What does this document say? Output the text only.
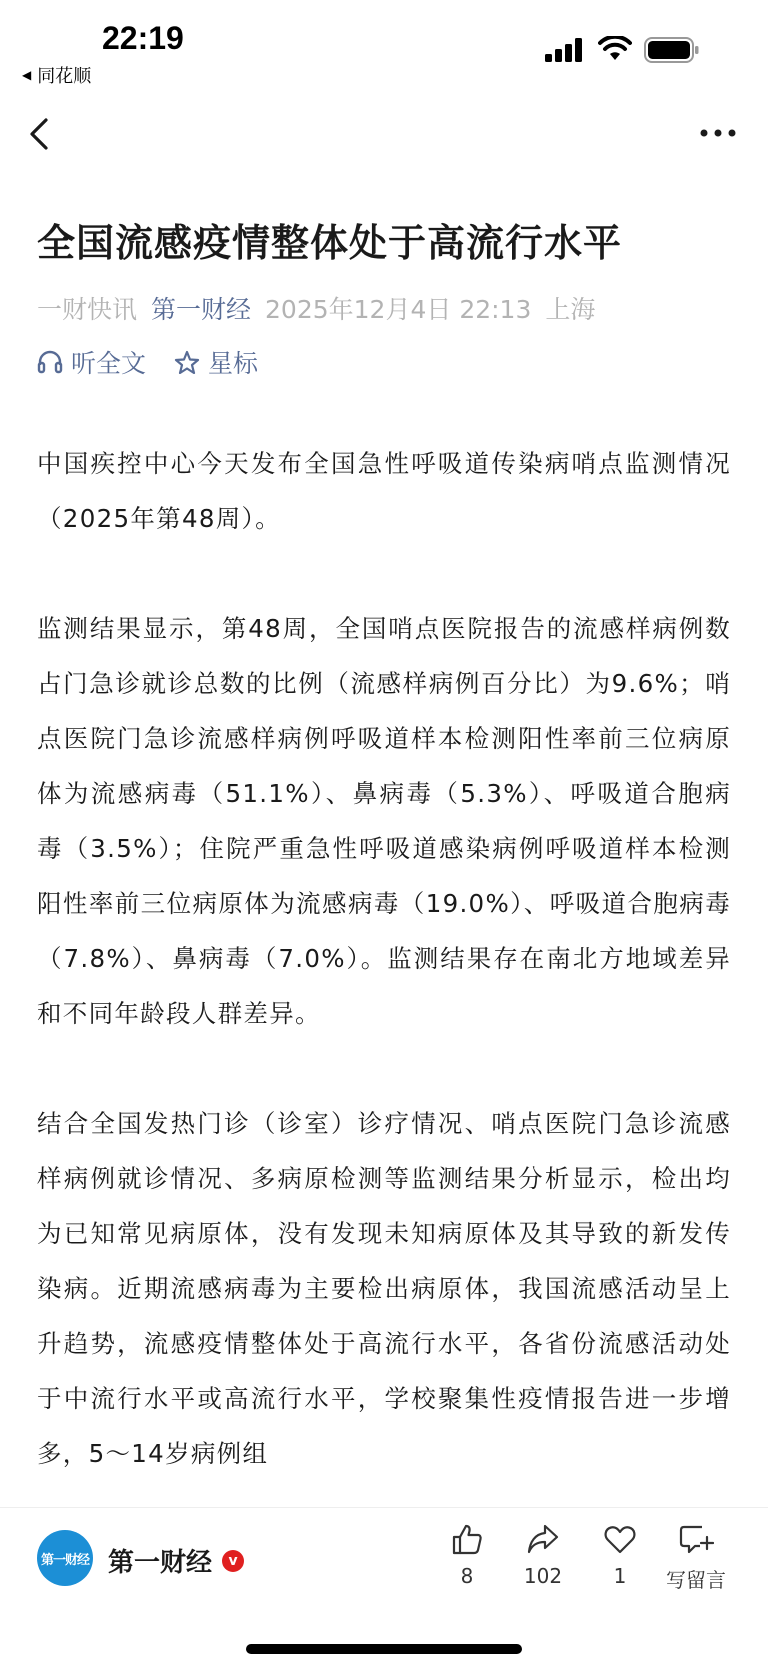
22:19
◀ 同花顺
全国流感疫情整体处于高流行水平
一财快讯 第一财经 2025年12月4日 22:13 上海
听全文 星标

中国疾控中心今天发布全国急性呼吸道传染病哨点监测情况（2025年第48周）。

监测结果显示，第48周，全国哨点医院报告的流感样病例数占门急诊就诊总数的比例（流感样病例百分比）为9.6%；哨点医院门急诊流感样病例呼吸道样本检测阳性率前三位病原体为流感病毒（51.1%）、鼻病毒（5.3%）、呼吸道合胞病毒（3.5%）；住院严重急性呼吸道感染病例呼吸道样本检测阳性率前三位病原体为流感病毒（19.0%）、呼吸道合胞病毒（7.8%）、鼻病毒（7.0%）。监测结果存在南北方地域差异和不同年龄段人群差异。

结合全国发热门诊（诊室）诊疗情况、哨点医院门急诊流感样病例就诊情况、多病原检测等监测结果分析显示，检出均为已知常见病原体，没有发现未知病原体及其导致的新发传染病。近期流感病毒为主要检出病原体，我国流感活动呈上升趋势，流感疫情整体处于高流行水平，各省份流感活动处于中流行水平或高流行水平，学校聚集性疫情报告进一步增多，5～14岁病例组

第一财经 第一财经	v
8	102	1	写留言
